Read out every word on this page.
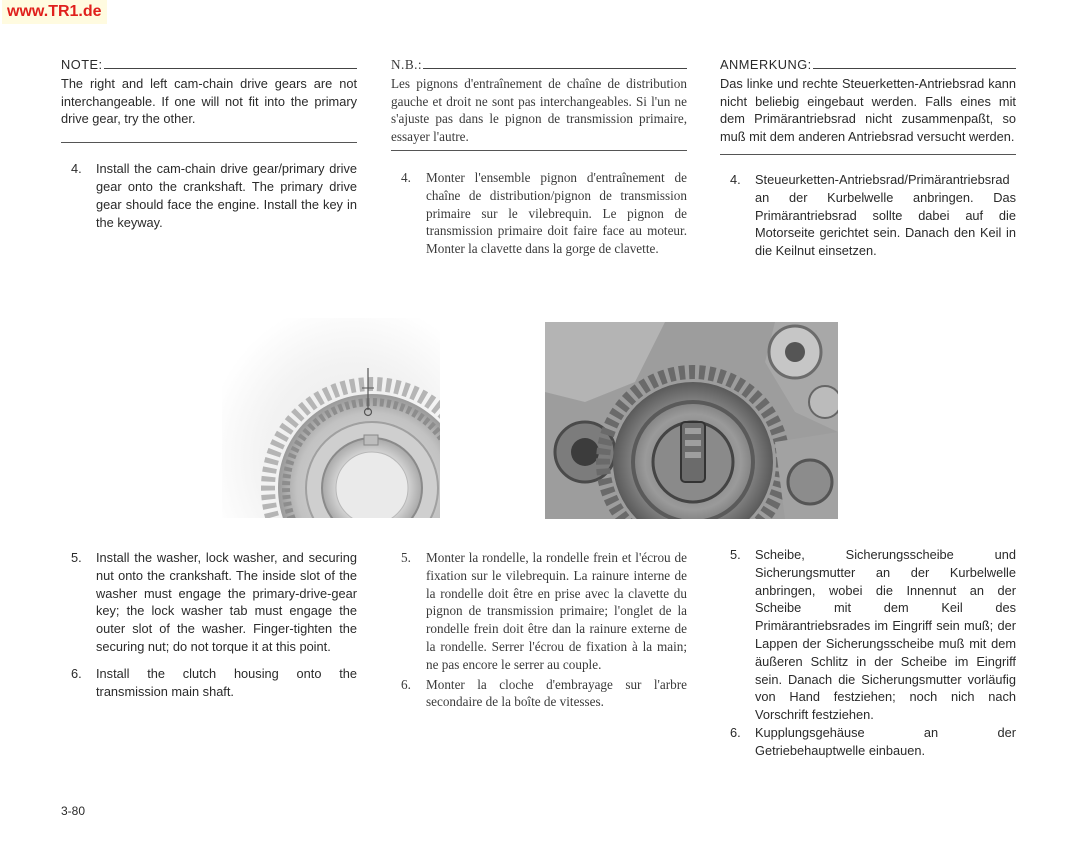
www.TR1.de
NOTE:

The right and left cam-chain drive gears are not interchangeable. If one will not fit into the primary drive gear, try the other.

4.	Install the cam-chain drive gear/primary drive gear onto the crankshaft. The primary drive gear should face the engine. Install the key in the keyway.
5.	Install the washer, lock washer, and securing nut onto the crankshaft. The inside slot of the washer must engage the primary-drive-gear key; the lock washer tab must engage the outer slot of the washer. Finger-tighten the securing nut; do not torque it at this point.
6.	Install the clutch housing onto the transmission main shaft.
N.B.:

Les pignons d'entraînement de chaîne de distribution gauche et droit ne sont pas interchangeables. Si l'un ne s'ajuste pas dans le pignon de transmission primaire, essayer l'autre.

4.	Monter l'ensemble pignon d'entraînement de chaîne de distribution/pignon de transmission primaire sur le vilebrequin. Le pignon de transmission primaire doit faire face au moteur. Monter la clavette dans la gorge de clavette.
5.	Monter la rondelle, la rondelle frein et l'écrou de fixation sur le vilebrequin. La rainure interne de la rondelle doit être en prise avec la clavette du pignon de transmission primaire; l'onglet de la rondelle frein doit être dan la rainure externe de la rondelle. Serrer l'écrou de fixation à la main; ne pas encore le serrer au couple.
6.	Monter la cloche d'embrayage sur l'arbre secondaire de la boîte de vitesses.
ANMERKUNG:

Das linke und rechte Steuerketten-Antriebsrad kann nicht beliebig eingebaut werden. Falls eines mit dem Primärantriebsrad nicht zusammenpaßt, so muß mit dem anderen Antriebsrad versucht werden.

4.	Steueurketten-Antriebsrad/Primärantriebsrad an der Kurbelwelle anbringen. Das Primärantriebsrad sollte dabei auf die Motorseite gerichtet sein. Danach den Keil in die Keilnut einsetzen.
5.	Scheibe, Sicherungsscheibe und Sicherungsmutter an der Kurbelwelle anbringen, wobei die Innennut an der Scheibe mit dem Keil des Primärantriebsrades im Eingriff sein muß; der Lappen der Sicherungsscheibe muß mit dem äußeren Schlitz in der Scheibe im Eingriff sein. Danach die Sicherungsmutter vorläufig von Hand festziehen; noch nich nach Vorschrift festziehen.
6.	Kupplungsgehäuse an der Getriebehauptwelle einbauen.
3-80
